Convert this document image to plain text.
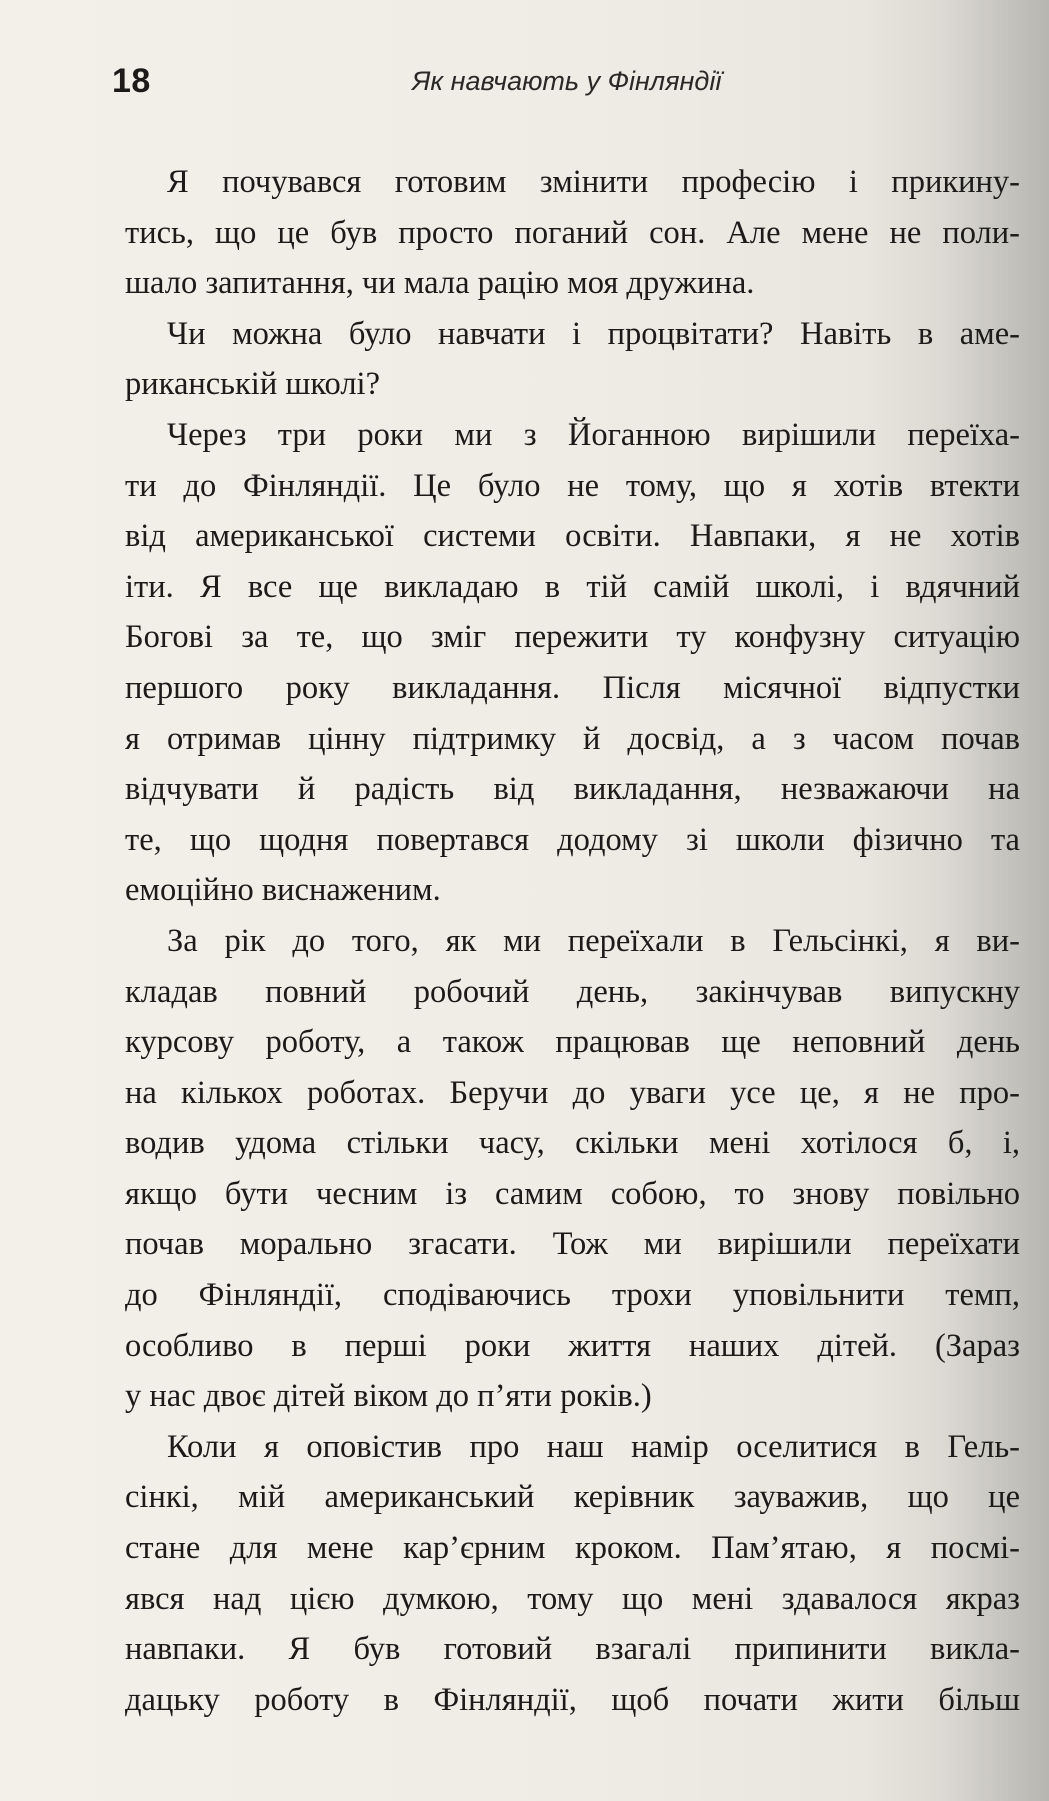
18	Як навчають у Фінляндії
Я почувався готовим змінити професію і прикину-
тись, що це був просто поганий сон. Але мене не поли-
шало запитання, чи мала рацію моя дружина.
Чи можна було навчати і процвітати? Навіть в аме-
риканській школі?
Через три роки ми з Йоганною вирішили переїха-
ти до Фінляндії. Це було не тому, що я хотів втекти
від американської системи освіти. Навпаки, я не хотів
іти. Я все ще викладаю в тій самій школі, і вдячний
Богові за те, що зміг пережити ту конфузну ситуацію
першого року викладання. Після місячної відпустки
я отримав цінну підтримку й досвід, а з часом почав
відчувати й радість від викладання, незважаючи на
те, що щодня повертався додому зі школи фізично та
емоційно виснаженим.
За рік до того, як ми переїхали в Гельсінкі, я ви-
кладав повний робочий день, закінчував випускну
курсову роботу, а також працював ще неповний день
на кількох роботах. Беручи до уваги усе це, я не про-
водив удома стільки часу, скільки мені хотілося б, і,
якщо бути чесним із самим собою, то знову повільно
почав морально згасати. Тож ми вирішили переїхати
до Фінляндії, сподіваючись трохи уповільнити темп,
особливо в перші роки життя наших дітей. (Зараз
у нас двоє дітей віком до п’яти років.)
Коли я оповістив про наш намір оселитися в Гель-
сінкі, мій американський керівник зауважив, що це
стане для мене кар’єрним кроком. Пам’ятаю, я посмі-
явся над цією думкою, тому що мені здавалося якраз
навпаки. Я був готовий взагалі припинити викла-
дацьку роботу в Фінляндії, щоб почати жити більш
